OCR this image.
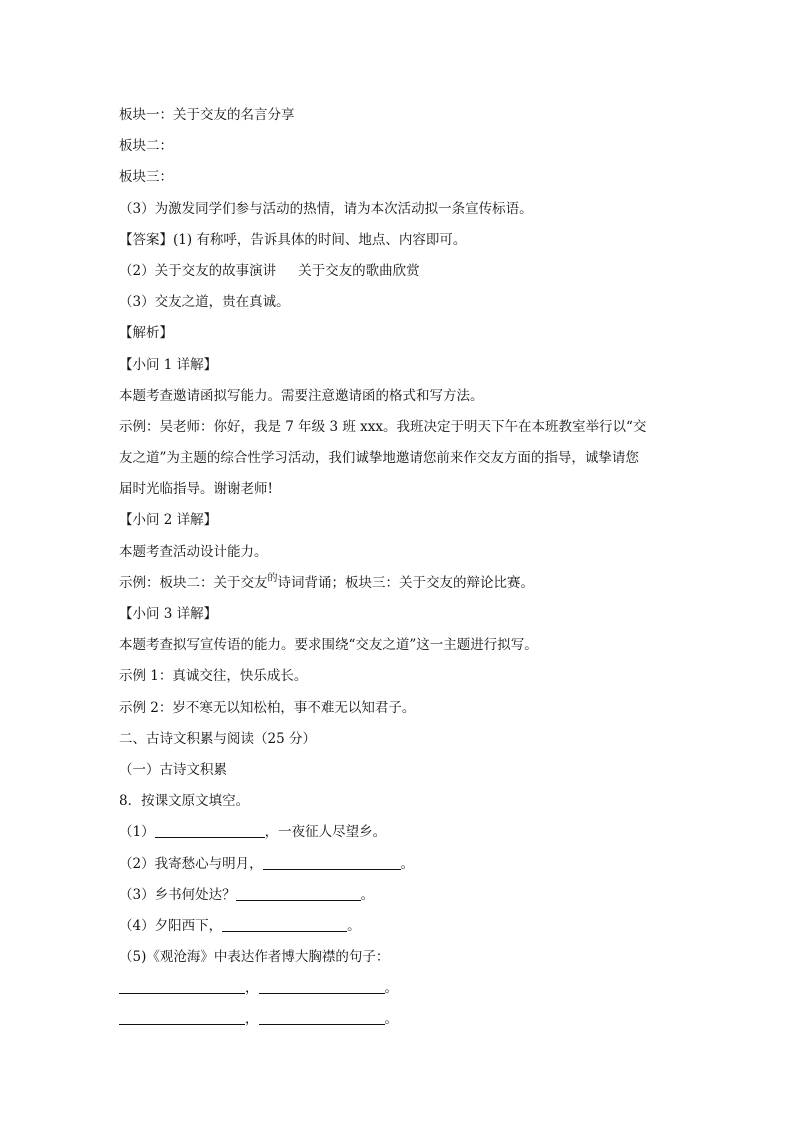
板块一：关于交友的名言分享
板块二：
板块三：
（3）为激发同学们参与活动的热情，请为本次活动拟一条宣传标语。
【答案】(1) 有称呼，告诉具体的时间、地点、内容即可。
（2）关于交友的故事演讲 关于交友的歌曲欣赏
（3）交友之道，贵在真诚。
【解析】
【小问 1 详解】
本题考查邀请函拟写能力。需要注意邀请函的格式和写方法。
示例：吴老师：你好，我是 7 年级 3 班 xxx。我班决定于明天下午在本班教室举行以“交
友之道”为主题的综合性学习活动，我们诚挚地邀请您前来作交友方面的指导，诚挚请您
届时光临指导。谢谢老师!
【小问 2 详解】
本题考查活动设计能力。
示例：板块二：关于交友$^的$诗词背诵；板块三：关于交友的辩论比赛。
【小问 3 详解】
本题考查拟写宣传语的能力。要求围绕“交友之道”这一主题进行拟写。
示例 1：真诚交往，快乐成长。
示例 2：岁不寒无以知松柏，事不难无以知君子。
二、古诗文积累与阅读（25 分）
（一）古诗文积累
8．按课文原文填空。
（1）	，一夜征人尽望乡。
（2）我寄愁心与明月，	。
（3）乡书何处达？	。
（4）夕阳西下，	。
（5)《观沧海》中表达作者博大胸襟的句子：
，	。
，	。
